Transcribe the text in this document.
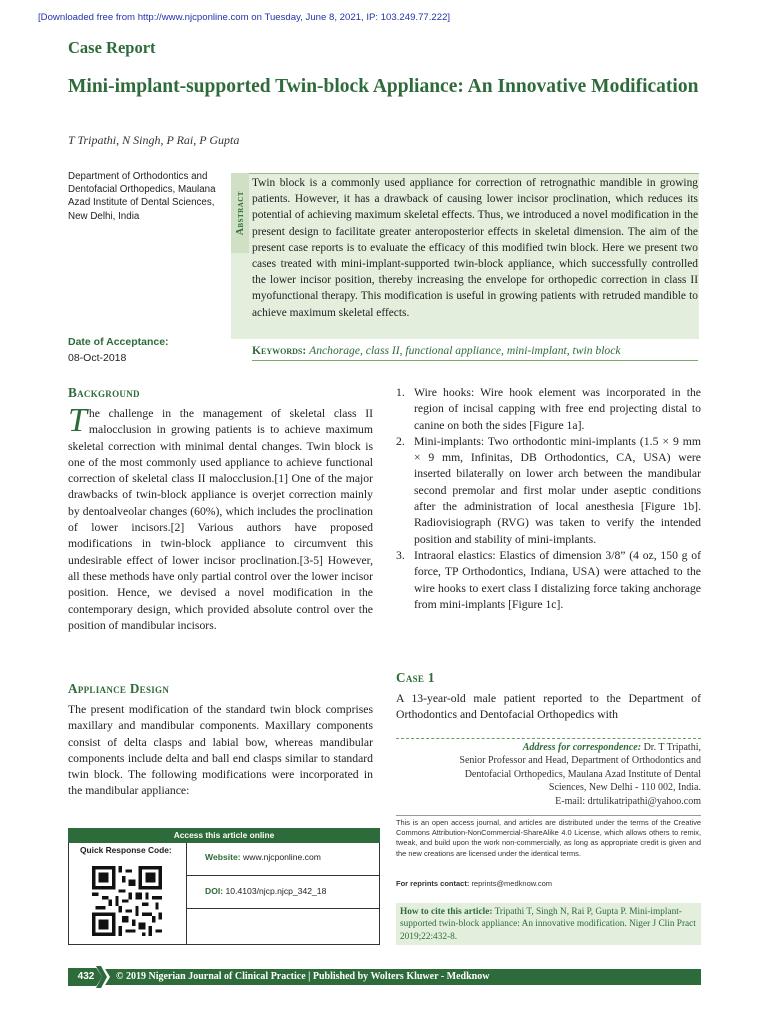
[Downloaded free from http://www.njcponline.com on Tuesday, June 8, 2021, IP: 103.249.77.222]
Case Report
Mini-implant-supported Twin-block Appliance: An Innovative Modification
T Tripathi, N Singh, P Rai, P Gupta
Department of Orthodontics and Dentofacial Orthopedics, Maulana Azad Institute of Dental Sciences, New Delhi, India
Date of Acceptance:
08-Oct-2018
Abstract
Twin block is a commonly used appliance for correction of retrognathic mandible in growing patients. However, it has a drawback of causing lower incisor proclination, which reduces its potential of achieving maximum skeletal effects. Thus, we introduced a novel modification in the present design to facilitate greater anteroposterior effects in skeletal dimension. The aim of the present case reports is to evaluate the efficacy of this modified twin block. Here we present two cases treated with mini-implant-supported twin-block appliance, which successfully controlled the lower incisor position, thereby increasing the envelope for orthopedic correction in class II myofunctional therapy. This modification is useful in growing patients with retruded mandible to achieve maximum skeletal effects.
Keywords: Anchorage, class II, functional appliance, mini-implant, twin block
Background
The challenge in the management of skeletal class II malocclusion in growing patients is to achieve maximum skeletal correction with minimal dental changes. Twin block is one of the most commonly used appliance to achieve functional correction of skeletal class II malocclusion.[1] One of the major drawbacks of twin-block appliance is overjet correction mainly by dentoalveolar changes (60%), which includes the proclination of lower incisors.[2] Various authors have proposed modifications in twin-block appliance to circumvent this undesirable effect of lower incisor proclination.[3-5] However, all these methods have only partial control over the lower incisor position. Hence, we devised a novel modification in the contemporary design, which provided absolute control over the position of mandibular incisors.
Appliance Design
The present modification of the standard twin block comprises maxillary and mandibular components. Maxillary components consist of delta clasps and labial bow, whereas mandibular components include delta and ball end clasps similar to standard twin block. The following modifications were incorporated in the mandibular appliance:
1. Wire hooks: Wire hook element was incorporated in the region of incisal capping with free end projecting distal to canine on both the sides [Figure 1a].
2. Mini-implants: Two orthodontic mini-implants (1.5 × 9 mm × 9 mm, Infinitas, DB Orthodontics, CA, USA) were inserted bilaterally on lower arch between the mandibular second premolar and first molar under aseptic conditions after the administration of local anesthesia [Figure 1b]. Radiovisiograph (RVG) was taken to verify the intended position and stability of mini-implants.
3. Intraoral elastics: Elastics of dimension 3/8” (4 oz, 150 g of force, TP Orthodontics, Indiana, USA) were attached to the wire hooks to exert class I distalizing force taking anchorage from mini-implants [Figure 1c].
Case 1
A 13-year-old male patient reported to the Department of Orthodontics and Dentofacial Orthopedics with
Address for correspondence: Dr. T Tripathi,
Senior Professor and Head, Department of Orthodontics and
Dentofacial Orthopedics, Maulana Azad Institute of Dental
Sciences, New Delhi - 110 002, India.
E-mail: drtulikatripathi@yahoo.com
This is an open access journal, and articles are distributed under the terms of the Creative Commons Attribution-NonCommercial-ShareAlike 4.0 License, which allows others to remix, tweak, and build upon the work non-commercially, as long as appropriate credit is given and the new creations are licensed under the identical terms.
For reprints contact: reprints@medknow.com
How to cite this article: Tripathi T, Singh N, Rai P, Gupta P. Mini-implant-supported twin-block appliance: An innovative modification. Niger J Clin Pract 2019;22:432-8.
Access this article online
Quick Response Code:
Website: www.njcponline.com
DOI: 10.4103/njcp.njcp_342_18
432	© 2019 Nigerian Journal of Clinical Practice | Published by Wolters Kluwer - Medknow
